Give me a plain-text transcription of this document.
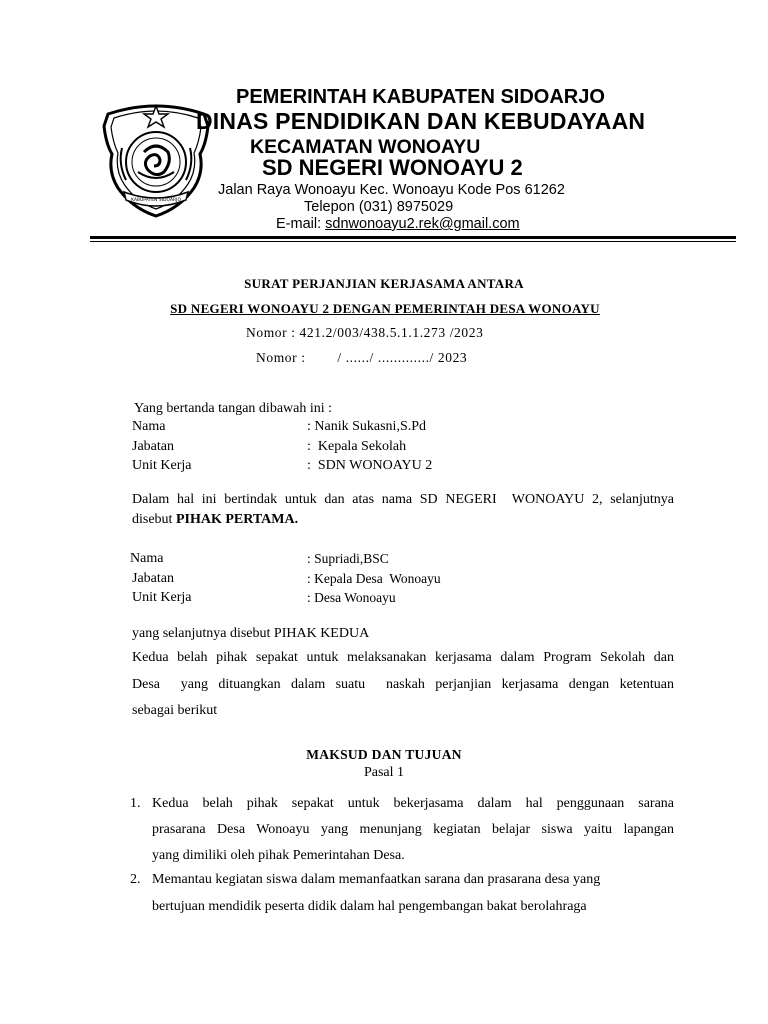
KABUPATEN SIDOARJO
PEMERINTAH KABUPATEN SIDOARJO
DINAS PENDIDIKAN DAN KEBUDAYAAN
KECAMATAN WONOAYU
SD NEGERI WONOAYU 2
Jalan Raya Wonoayu Kec. Wonoayu Kode Pos 61262
Telepon (031) 8975029
E-mail: sdnwonoayu2.rek@gmail.com
SURAT PERJANJIAN KERJASAMA ANTARA
SD NEGERI WONOAYU 2 DENGAN PEMERINTAH DESA WONOAYU
Nomor : 421.2/003/438.5.1.1.273 /2023
Nomor :        / ....../ ............./ 2023
Yang bertanda tangan dibawah ini :
Nama	: Nanik Sukasni,S.Pd
Jabatan	:  Kepala Sekolah
Unit Kerja	:  SDN WONOAYU 2
Dalam hal ini bertindak untuk dan atas nama SD NEGERI  WONOAYU 2, selanjutnya
disebut PIHAK PERTAMA.
Nama	: Supriadi,BSC
Jabatan	: Kepala Desa  Wonoayu
Unit Kerja	: Desa Wonoayu
yang selanjutnya disebut PIHAK KEDUA
Kedua belah pihak sepakat untuk melaksanakan kerjasama dalam Program Sekolah dan
Desa  yang dituangkan dalam suatu  naskah perjanjian kerjasama dengan ketentuan
sebagai berikut
MAKSUD DAN TUJUAN
Pasal 1
1. Kedua belah pihak sepakat untuk bekerjasama dalam hal penggunaan sarana
prasarana Desa Wonoayu yang menunjang kegiatan belajar siswa yaitu lapangan
yang dimiliki oleh pihak Pemerintahan Desa.
2. Memantau kegiatan siswa dalam memanfaatkan sarana dan prasarana desa yang
bertujuan mendidik peserta didik dalam hal pengembangan bakat berolahraga
